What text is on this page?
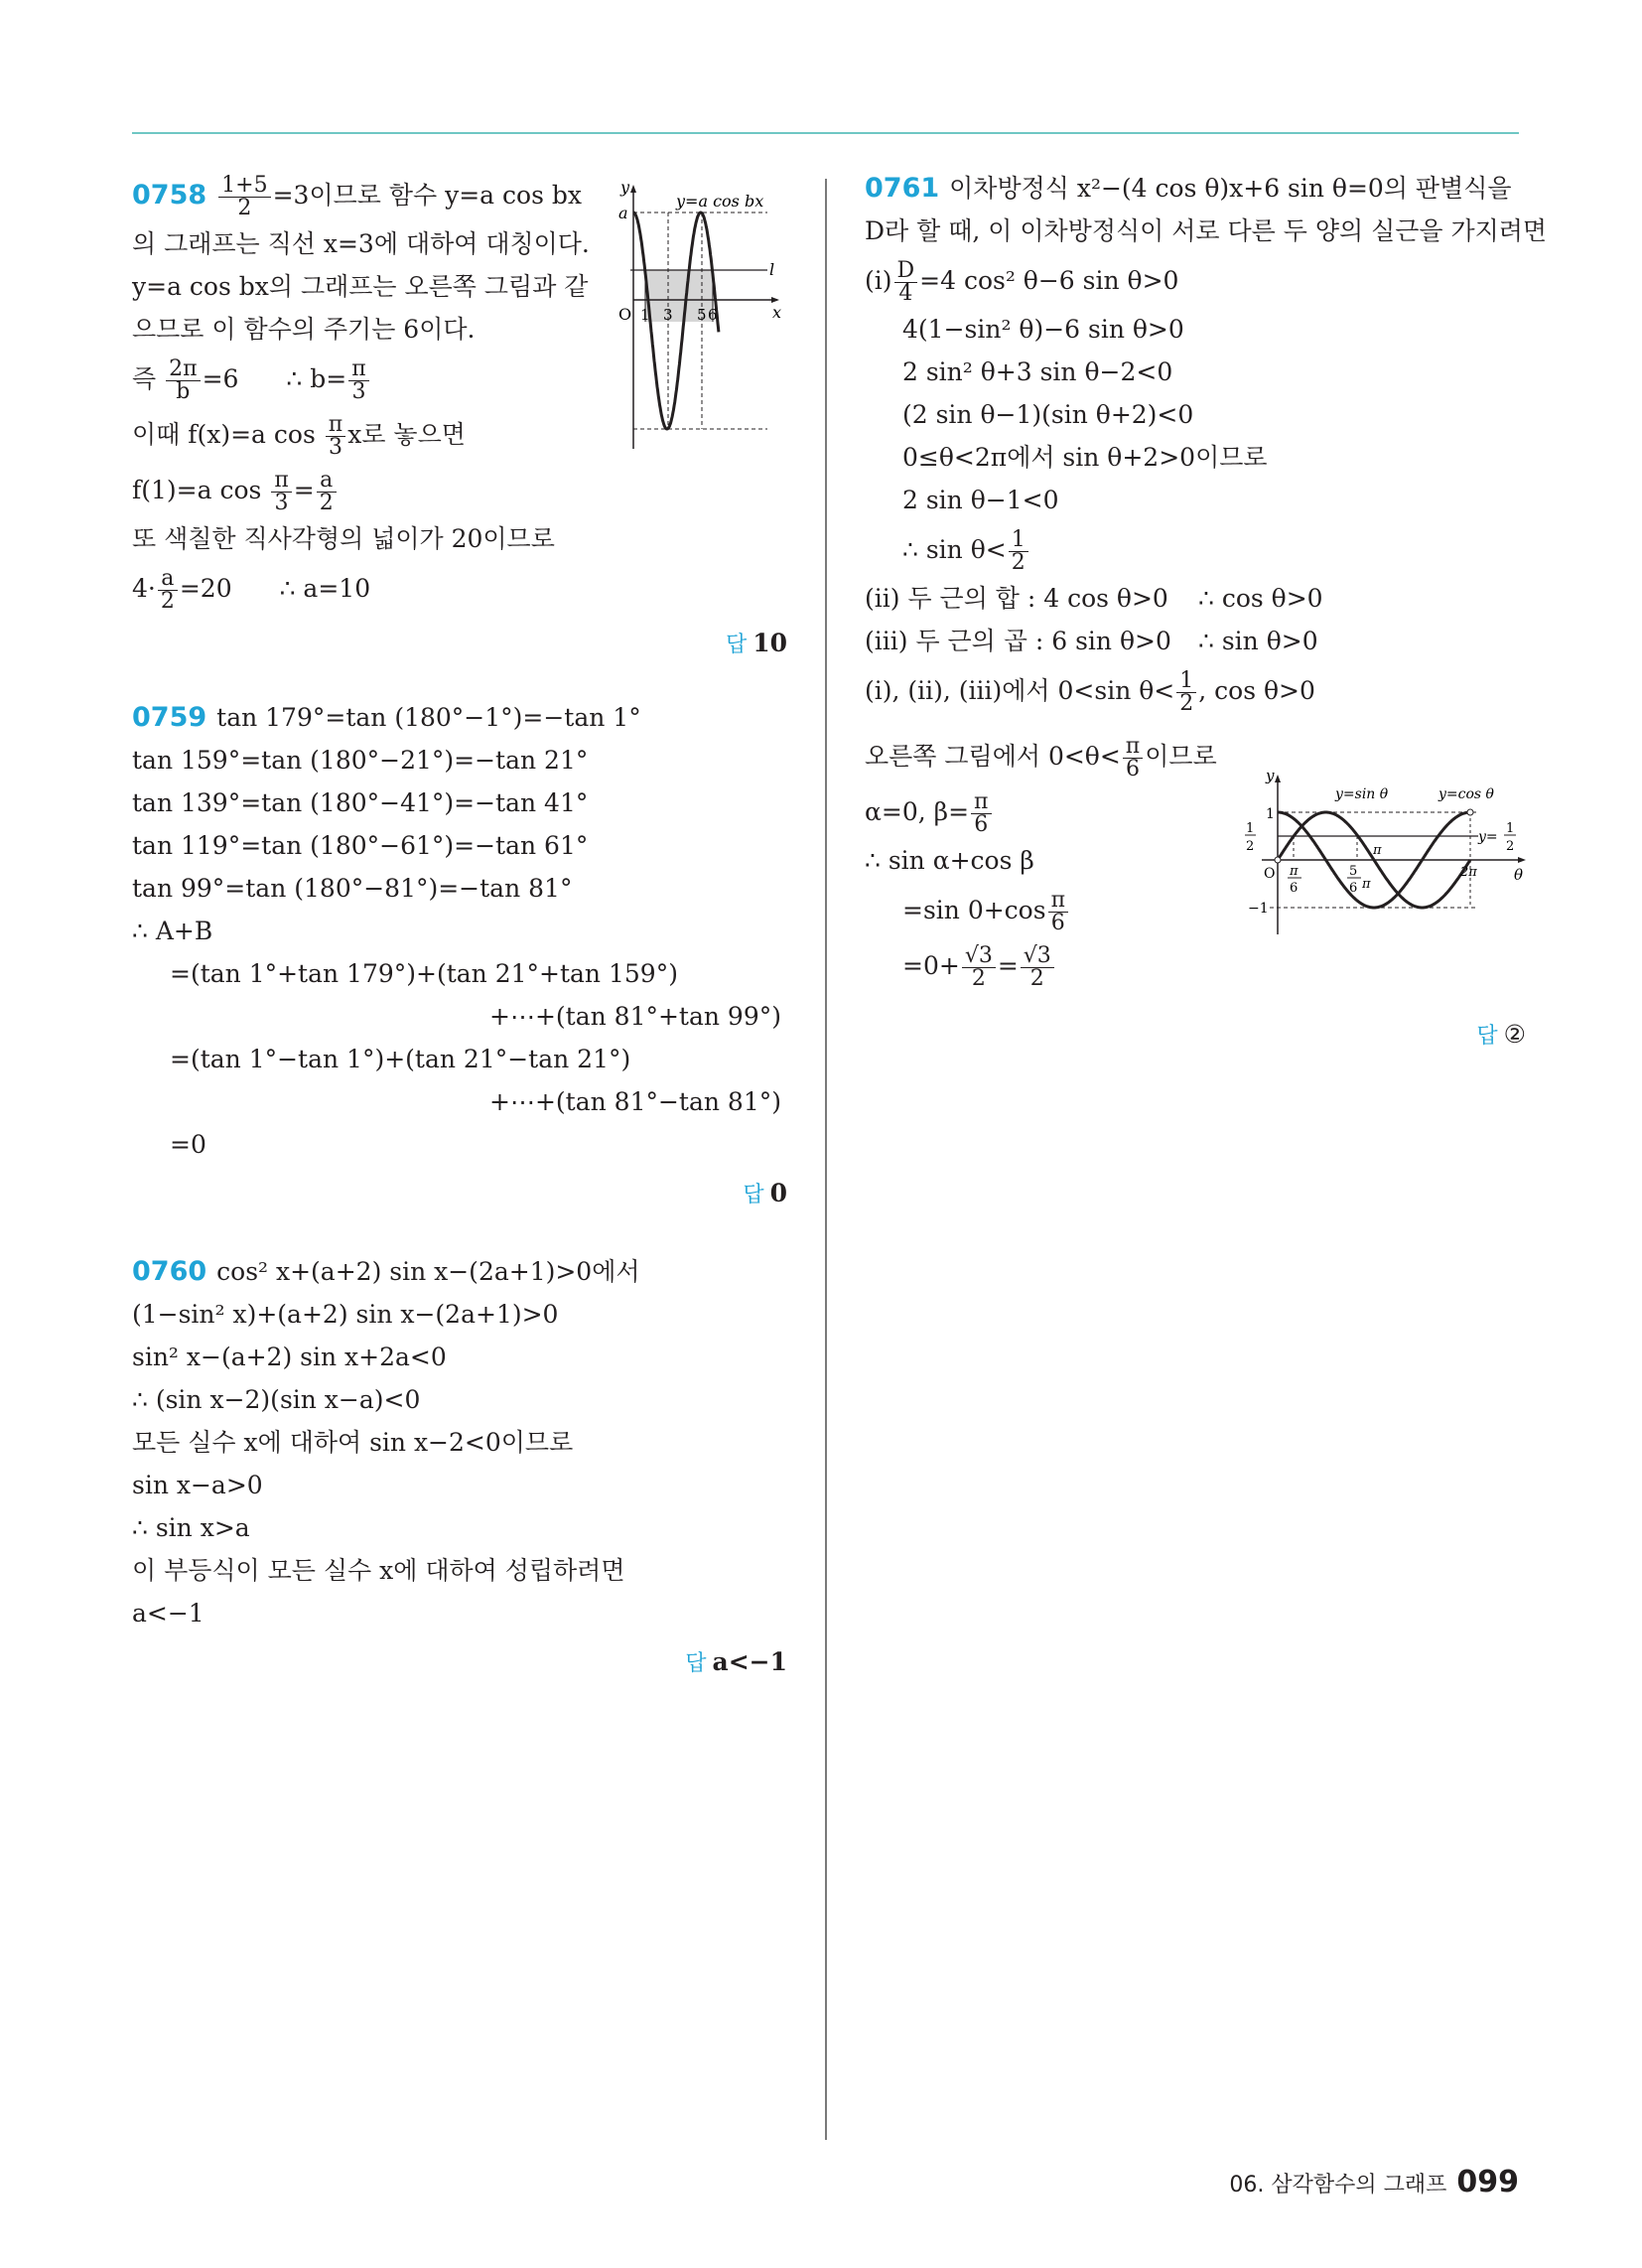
$0758 \frac{1+5}{2} =3$이므로 함수 y=a cos bx
의 그래프는 직선 x=3에 대하여 대칭이다.
y=a cos bx의 그래프는 오른쪽 그림과 같
으므로 이 함수의 주기는 6이다.
즉 $\frac{2\pi}{b} =6$ ∴ $b= \frac{\pi}{3}$
이때 f(x)=a $\cos \frac{\pi}{3}$ x로 놓으면
f(1)=a $\cos \frac{\pi}{3} = \frac{a}{2}$
또 색칠한 직사각형의 넓이가 20이므로
$4\cdot \frac{a}{2} =20$ ∴ a=10
답 10
a
y
x
l
y=a cos bx
O 1 3 5 6
0759 tan 179°=tan (180°−1°)=−tan 1°
tan 159°=tan (180°−21°)=−tan 21°
tan 139°=tan (180°−41°)=−tan 41°
tan 119°=tan (180°−61°)=−tan 61°
tan 99°=tan (180°−81°)=−tan 81°
∴ A+B
=(tan 1°+tan 179°)+(tan 21°+tan 159°)
+⋯+(tan 81°+tan 99°)
=(tan 1°−tan 1°)+(tan 21°−tan 21°)
+⋯+(tan 81°−tan 81°)
=0
답 0
0760 cos² x+(a+2) sin x−(2a+1)>0에서
(1−sin² x)+(a+2) sin x−(2a+1)>0
sin² x−(a+2) sin x+2a<0
∴ (sin x−2)(sin x−a)<0
모든 실수 x에 대하여 sin x−2<0이므로
sin x−a>0
∴ sin x>a
이 부등식이 모든 실수 x에 대하여 성립하려면
a<−1
답 a<−1
0761 이차방정식 x²−(4 cos θ)x+6 sin θ=0의 판별식을
D라 할 때, 이 이차방정식이 서로 다른 두 양의 실근을 가지려면
(ⅰ) $\frac{D}{4} =4$ cos² θ−6 sin θ>0
4(1−sin² θ)−6 sin θ>0
2 sin² θ+3 sin θ−2<0
(2 sin θ−1)(sin θ+2)<0
0≤θ<2π에서 sin θ+2>0이므로
2 sin θ−1<0
∴ $\sin \theta< \frac{1}{2}$
(ⅱ) 두 근의 합 : 4 cos θ>0 ∴ cos θ>0
(ⅲ) 두 근의 곱 : 6 sin θ>0 ∴ sin θ>0
(ⅰ), (ⅱ), (ⅲ)에서 0<sin $\theta< \frac{1}{2}$ , cos θ>0
오른쪽 그림에서 $0<\theta< \frac{\pi}{6}$ 이므로
α=0, $\beta= \frac{\pi}{6}$
∴ sin α+cos β
=sin $0+\cos \frac{\pi}{6}$
$=0+ \frac{√3}{2} = \frac{√3}{2}$
답 ②
y
θ
1
−1
O
1
2
y=sin θ	y=cos θ
y=
1
2
π
6
5
6 π
π
2π
06. 삼각함수의 그래프 099
